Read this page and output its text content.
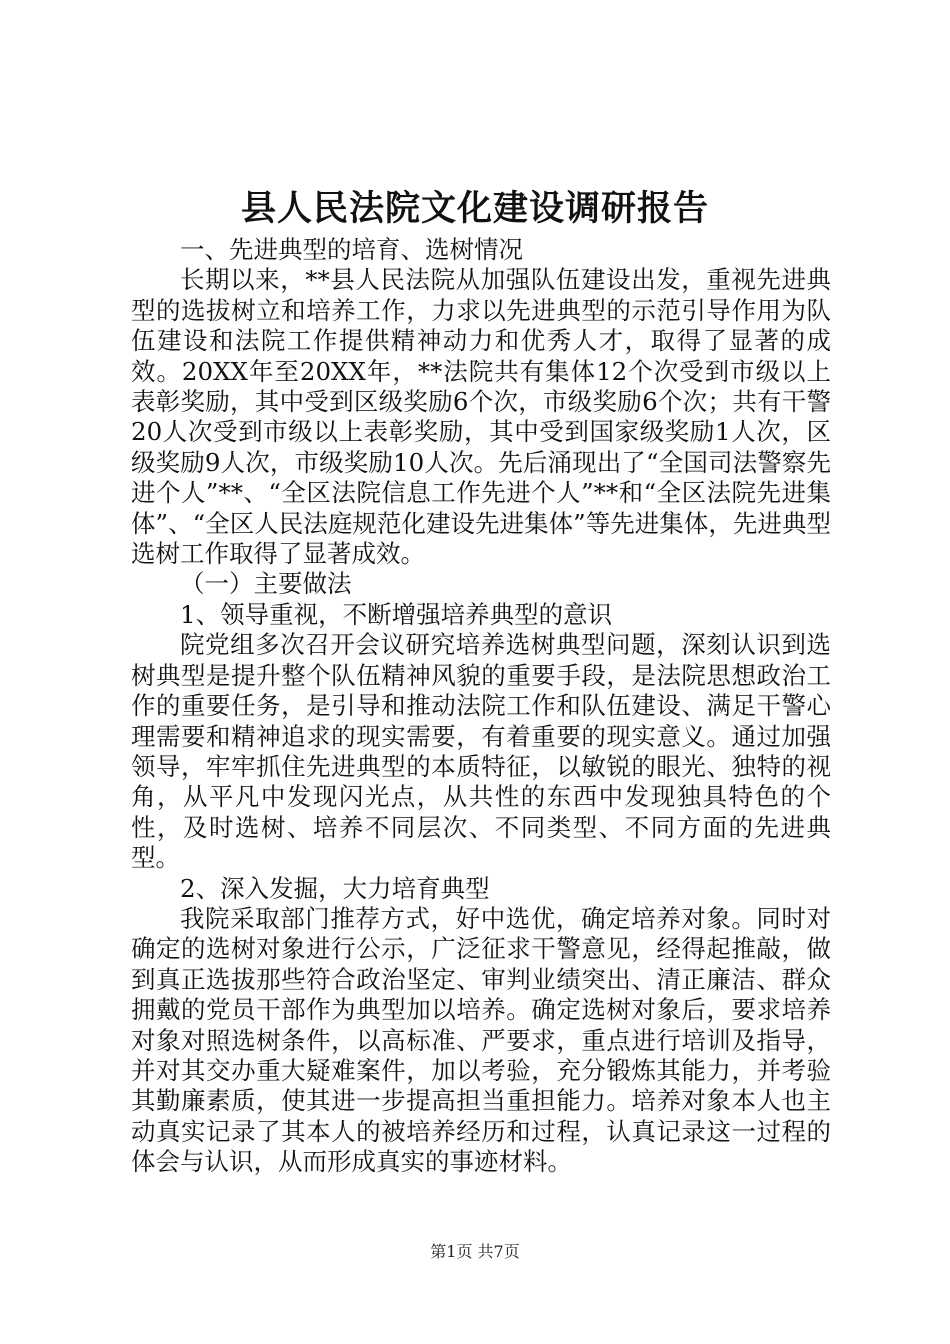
县人民法院文化建设调研报告

一、先进典型的培育、选树情况

长期以来，**县人民法院从加强队伍建设出发，重视先进典型的选拔树立和培养工作，力求以先进典型的示范引导作用为队伍建设和法院工作提供精神动力和优秀人才，取得了显著的成效。20XX年至20XX年，**法院共有集体12个次受到市级以上表彰奖励，其中受到区级奖励6个次，市级奖励6个次；共有干警20人次受到市级以上表彰奖励，其中受到国家级奖励1人次，区级奖励9人次，市级奖励10人次。先后涌现出了“全国司法警察先进个人”**、“全区法院信息工作先进个人”**和“全区法院先进集体”、“全区人民法庭规范化建设先进集体”等先进集体，先进典型选树工作取得了显著成效。

（一）主要做法

1、领导重视，不断增强培养典型的意识

院党组多次召开会议研究培养选树典型问题，深刻认识到选树典型是提升整个队伍精神风貌的重要手段，是法院思想政治工作的重要任务，是引导和推动法院工作和队伍建设、满足干警心理需要和精神追求的现实需要，有着重要的现实意义。通过加强领导，牢牢抓住先进典型的本质特征，以敏锐的眼光、独特的视角，从平凡中发现闪光点，从共性的东西中发现独具特色的个性，及时选树、培养不同层次、不同类型、不同方面的先进典型。

2、深入发掘，大力培育典型

我院采取部门推荐方式，好中选优，确定培养对象。同时对确定的选树对象进行公示，广泛征求干警意见，经得起推敲，做到真正选拔那些符合政治坚定、审判业绩突出、清正廉洁、群众拥戴的党员干部作为典型加以培养。确定选树对象后，要求培养对象对照选树条件，以高标准、严要求，重点进行培训及指导，并对其交办重大疑难案件，加以考验，充分锻炼其能力，并考验其勤廉素质，使其进一步提高担当重担能力。培养对象本人也主动真实记录了其本人的被培养经历和过程，认真记录这一过程的体会与认识，从而形成真实的事迹材料。

第1页 共7页
